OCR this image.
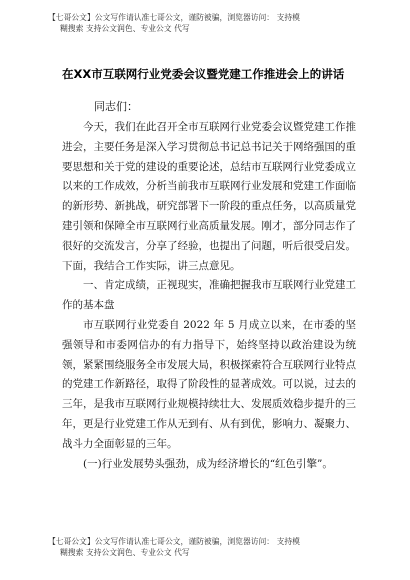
【七哥公文】公文写作请认准七哥公文，谨防被骗，浏览器访问： 支持模
糊搜索 支持公文润色、专业公文 代写
在XX市互联网行业党委会议暨党建工作推进会上的讲话
同志们：

今天，我们在此召开全市互联网行业党委会议暨党建工作推进会，主要任务是深入学习贯彻总书记总书记关于网络强国的重要思想和关于党的建设的重要论述，总结市互联网行业党委成立以来的工作成效，分析当前我市互联网行业发展和党建工作面临的新形势、新挑战，研究部署下一阶段的重点任务，以高质量党建引领和保障全市互联网行业高质量发展。刚才，部分同志作了很好的交流发言，分享了经验，也提出了问题，听后很受启发。下面，我结合工作实际，讲三点意见。

一、肯定成绩，正视现实，准确把握我市互联网行业党建工作的基本盘

市互联网行业党委自 2022 年 5 月成立以来，在市委的坚强领导和市委网信办的有力指导下，始终坚持以政治建设为统领，紧紧围绕服务全市发展大局，积极探索符合互联网行业特点的党建工作新路径，取得了阶段性的显著成效。可以说，过去的三年，是我市互联网行业规模持续壮大、发展质效稳步提升的三年，更是行业党建工作从无到有、从有到优，影响力、凝聚力、战斗力全面彰显的三年。

(一)行业发展势头强劲，成为经济增长的“红色引擎”。

【七哥公文】公文写作请认准七哥公文，谨防被骗，浏览器访问： 支持模
糊搜索 支持公文润色、专业公文 代写
